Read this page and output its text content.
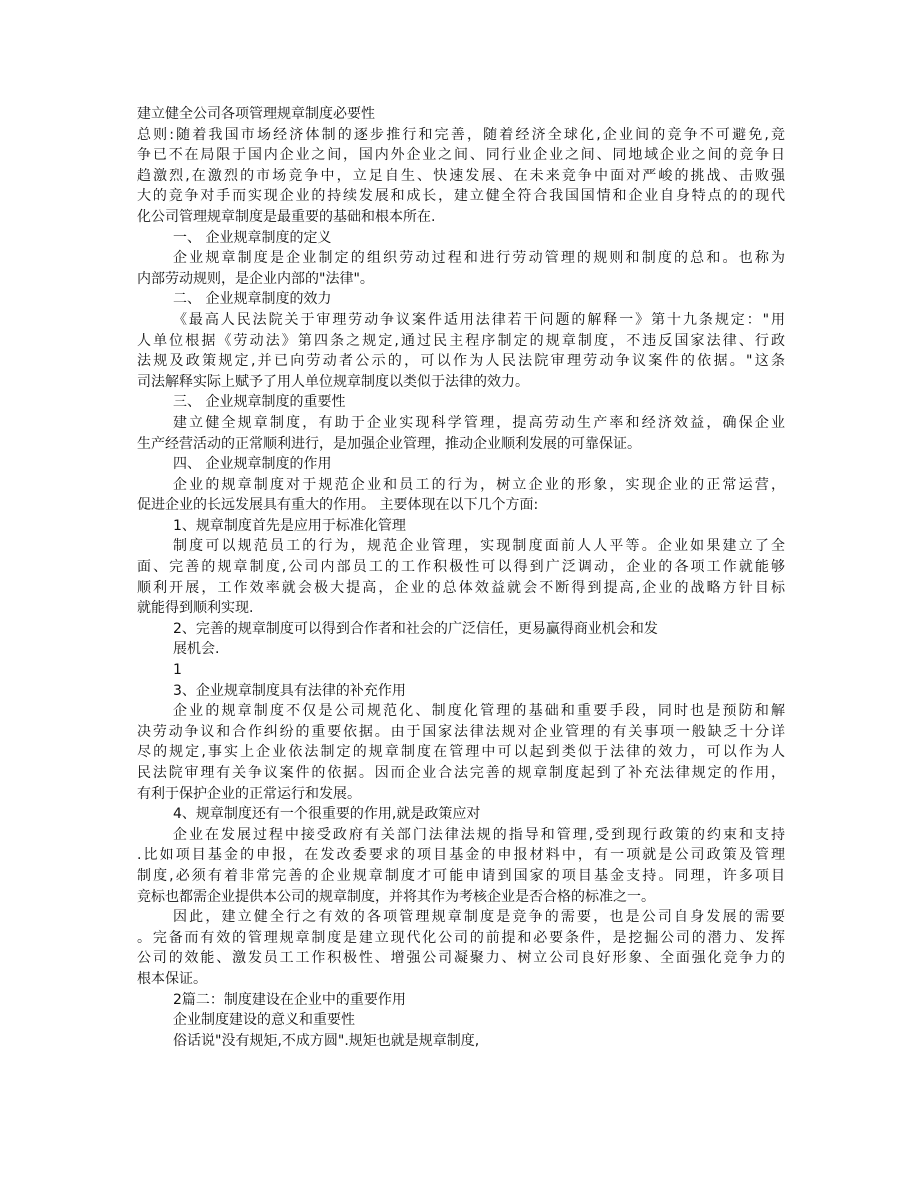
建立健全公司各项管理规章制度必要性
总则:随着我国市场经济体制的逐步推行和完善，随着经济全球化,企业间的竞争不可避免,竞
争已不在局限于国内企业之间，国内外企业之间、同行业企业之间、同地域企业之间的竞争日
趋激烈,在激烈的市场竞争中，立足自生、快速发展、在未来竞争中面对严峻的挑战、击败强
大的竞争对手而实现企业的持续发展和成长，建立健全符合我国国情和企业自身特点的的现代
化公司管理规章制度是最重要的基础和根本所在.
一、 企业规章制度的定义
企业规章制度是企业制定的组织劳动过程和进行劳动管理的规则和制度的总和。也称为
内部劳动规则，是企业内部的"法律"。
二、 企业规章制度的效力
《最高人民法院关于审理劳动争议案件适用法律若干问题的解释一》第十九条规定："用
人单位根据《劳动法》第四条之规定,通过民主程序制定的规章制度，不违反国家法律、行政
法规及政策规定,并已向劳动者公示的，可以作为人民法院审理劳动争议案件的依据。"这条
司法解释实际上赋予了用人单位规章制度以类似于法律的效力。
三、 企业规章制度的重要性
建立健全规章制度，有助于企业实现科学管理，提高劳动生产率和经济效益，确保企业
生产经营活动的正常顺利进行，是加强企业管理，推动企业顺利发展的可靠保证。
四、 企业规章制度的作用
企业的规章制度对于规范企业和员工的行为，树立企业的形象，实现企业的正常运营，
促进企业的长远发展具有重大的作用。 主要体现在以下几个方面:
1、规章制度首先是应用于标准化管理
制度可以规范员工的行为，规范企业管理，实现制度面前人人平等。企业如果建立了全
面、完善的规章制度,公司内部员工的工作积极性可以得到广泛调动，企业的各项工作就能够
顺利开展，工作效率就会极大提高，企业的总体效益就会不断得到提高,企业的战略方针目标
就能得到顺利实现.
2、完善的规章制度可以得到合作者和社会的广泛信任，更易赢得商业机会和发
展机会.
1
3、企业规章制度具有法律的补充作用
企业的规章制度不仅是公司规范化、制度化管理的基础和重要手段，同时也是预防和解
决劳动争议和合作纠纷的重要依据。由于国家法律法规对企业管理的有关事项一般缺乏十分详
尽的规定,事实上企业依法制定的规章制度在管理中可以起到类似于法律的效力，可以作为人
民法院审理有关争议案件的依据。因而企业合法完善的规章制度起到了补充法律规定的作用，
有利于保护企业的正常运行和发展。
4、规章制度还有一个很重要的作用,就是政策应对
企业在发展过程中接受政府有关部门法律法规的指导和管理,受到现行政策的约束和支持
.比如项目基金的申报，在发改委要求的项目基金的申报材料中，有一项就是公司政策及管理
制度,必须有着非常完善的企业规章制度才可能申请到国家的项目基金支持。同理，许多项目
竞标也都需企业提供本公司的规章制度，并将其作为考核企业是否合格的标准之一。
因此，建立健全行之有效的各项管理规章制度是竞争的需要，也是公司自身发展的需要
。完备而有效的管理规章制度是建立现代化公司的前提和必要条件，是挖掘公司的潜力、发挥
公司的效能、激发员工工作积极性、增强公司凝聚力、树立公司良好形象、全面强化竞争力的
根本保证。
2篇二：制度建设在企业中的重要作用
企业制度建设的意义和重要性
俗话说"没有规矩,不成方圆".规矩也就是规章制度,
